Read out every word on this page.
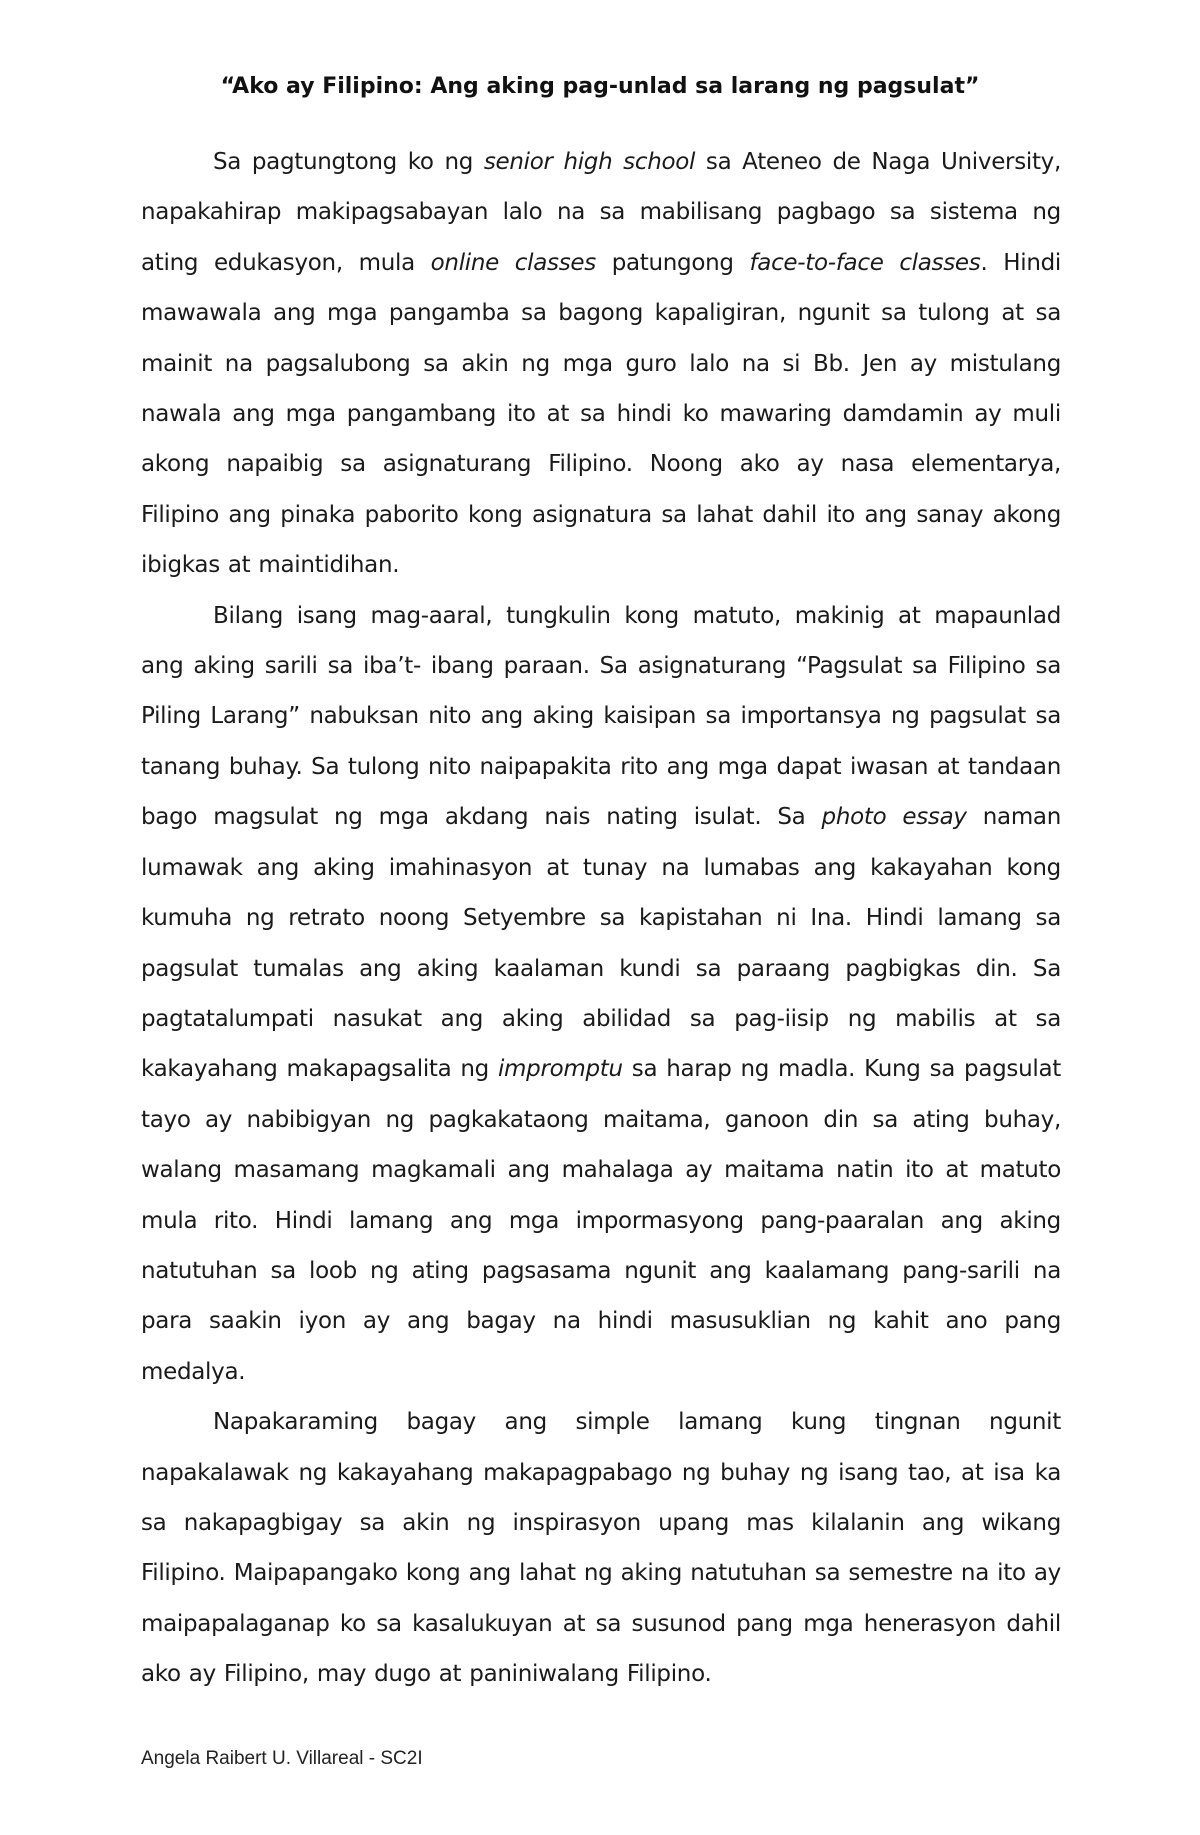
“Ako ay Filipino: Ang aking pag-unlad sa larang ng pagsulat”

Sa pagtungtong ko ng senior high school sa Ateneo de Naga University, napakahirap makipagsabayan lalo na sa mabilisang pagbago sa sistema ng ating edukasyon, mula online classes patungong face-to-face classes. Hindi mawawala ang mga pangamba sa bagong kapaligiran, ngunit sa tulong at sa mainit na pagsalubong sa akin ng mga guro lalo na si Bb. Jen ay mistulang nawala ang mga pangambang ito at sa hindi ko mawaring damdamin ay muli akong napaibig sa asignaturang Filipino. Noong ako ay nasa elementarya, Filipino ang pinaka paborito kong asignatura sa lahat dahil ito ang sanay akong ibigkas at maintidihan.

Bilang isang mag-aaral, tungkulin kong matuto, makinig at mapaunlad ang aking sarili sa iba’t- ibang paraan. Sa asignaturang “Pagsulat sa Filipino sa Piling Larang” nabuksan nito ang aking kaisipan sa importansya ng pagsulat sa tanang buhay. Sa tulong nito naipapakita rito ang mga dapat iwasan at tandaan bago magsulat ng mga akdang nais nating isulat. Sa photo essay naman lumawak ang aking imahinasyon at tunay na lumabas ang kakayahan kong kumuha ng retrato noong Setyembre sa kapistahan ni Ina. Hindi lamang sa pagsulat tumalas ang aking kaalaman kundi sa paraang pagbigkas din. Sa pagtatalumpati nasukat ang aking abilidad sa pag-iisip ng mabilis at sa kakayahang makapagsalita ng impromptu sa harap ng madla. Kung sa pagsulat tayo ay nabibigyan ng pagkakataong maitama, ganoon din sa ating buhay, walang masamang magkamali ang mahalaga ay maitama natin ito at matuto mula rito. Hindi lamang ang mga impormasyong pang-paaralan ang aking natutuhan sa loob ng ating pagsasama ngunit ang kaalamang pang-sarili na para saakin iyon ay ang bagay na hindi masusuklian ng kahit ano pang medalya.

Napakaraming bagay ang simple lamang kung tingnan ngunit napakalawak ng kakayahang makapagpabago ng buhay ng isang tao, at isa ka sa nakapagbigay sa akin ng inspirasyon upang mas kilalanin ang wikang Filipino. Maipapangako kong ang lahat ng aking natutuhan sa semestre na ito ay maipapalaganap ko sa kasalukuyan at sa susunod pang mga henerasyon dahil ako ay Filipino, may dugo at paniniwalang Filipino.

Angela Raibert U. Villareal - SC2I
